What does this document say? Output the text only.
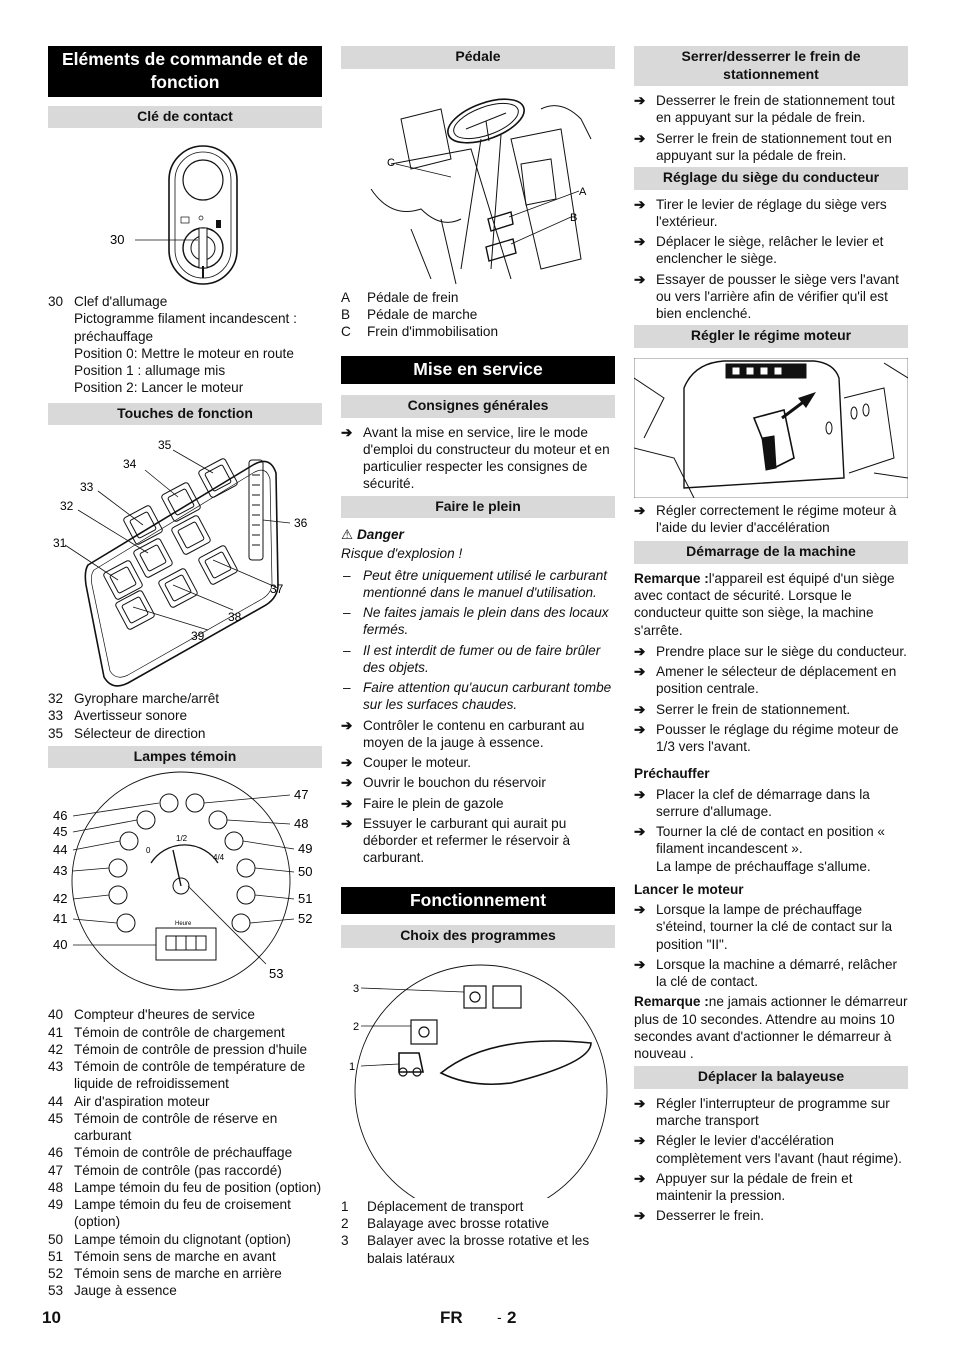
Eléments de commande et de fonction
Clé de contact
30
30 Clef d'allumage
Pictogramme filament incandescent : préchauffage
Position 0: Mettre le moteur en route
Position 1 : allumage mis
Position 2: Lancer le moteur
Touches de fonction
35
34
33
32
31
36
37
38
39
32 Gyrophare marche/arrêt
33 Avertisseur sonore
35 Sélecteur de direction
Lampes témoin
46
45
44
43
42
41
40
47
48
49
50
51
52
53
1/2
4/4
0
Heure
40 Compteur d'heures de service
41 Témoin de contrôle de chargement
42 Témoin de contrôle de pression d'huile
43 Témoin de contrôle de température de liquide de refroidissement
44 Air d'aspiration moteur
45 Témoin de contrôle de réserve en carburant
46 Témoin de contrôle de préchauffage
47 Témoin de contrôle (pas raccordé)
48 Lampe témoin du feu de position (option)
49 Lampe témoin du feu de croisement (option)
50 Lampe témoin du clignotant (option)
51 Témoin sens de marche en avant
52 Témoin sens de marche en arrière
53 Jauge à essence
Pédale
C
A
B
A	Pédale de frein
B	Pédale de marche
C	Frein d'immobilisation
Mise en service
Consignes générales
➔ Avant la mise en service, lire le mode d'emploi du constructeur du moteur et en particulier respecter les consignes de sécurité.
Faire le plein
⚠ Danger
Risque d'explosion !
– Peut être uniquement utilisé le carburant mentionné dans le manuel d'utilisation.
– Ne faites jamais le plein dans des locaux fermés.
– Il est interdit de fumer ou de faire brûler des objets.
– Faire attention qu'aucun carburant tombe sur les surfaces chaudes.
➔ Contrôler le contenu en carburant au moyen de la jauge à essence.
➔ Couper le moteur.
➔ Ouvrir le bouchon du réservoir
➔ Faire le plein de gazole
➔ Essuyer le carburant qui aurait pu déborder et refermer le réservoir à carburant.
Fonctionnement
Choix des programmes
3
2
1
1	Déplacement de transport
2	Balayage avec brosse rotative
3	Balayer avec la brosse rotative et les balais latéraux
Serrer/desserrer le frein de stationnement
➔ Desserrer le frein de stationnement tout en appuyant sur la pédale de frein.
➔ Serrer le frein de stationnement tout en appuyant sur la pédale de frein.
Réglage du siège du conducteur
➔ Tirer le levier de réglage du siège vers l'extérieur.
➔ Déplacer le siège, relâcher le levier et enclencher le siège.
➔ Essayer de pousser le siège vers l'avant ou vers l'arrière afin de vérifier qu'il est bien enclenché.
Régler le régime moteur
➔ Régler correctement le régime moteur à l'aide du levier d'accélération
Démarrage de la machine
Remarque :l'appareil est équipé d'un siège avec contact de sécurité. Lorsque le conducteur quitte son siège, la machine s'arrête.
➔ Prendre place sur le siège du conducteur.
➔ Amener le sélecteur de déplacement en position centrale.
➔ Serrer le frein de stationnement.
➔ Pousser le réglage du régime moteur de 1/3 vers l'avant.
Préchauffer
➔ Placer la clef de démarrage dans la serrure d'allumage.
➔ Tourner la clé de contact en position « filament incandescent ».
La lampe de préchauffage s'allume.
Lancer le moteur
➔ Lorsque la lampe de préchauffage s'éteind, tourner la clé de contact sur la position "II".
➔ Lorsque la machine a démarré, relâcher la clé de contact.
Remarque :ne jamais actionner le démarreur plus de 10 secondes. Attendre au moins 10 secondes avant d'actionner le démarreur à nouveau .
Déplacer la balayeuse
➔ Régler l'interrupteur de programme sur marche transport
➔ Régler le levier d'accélération complètement vers l'avant (haut régime).
➔ Appuyer sur la pédale de frein et maintenir la pression.
➔ Desserrer le frein.
10	FR - 2
